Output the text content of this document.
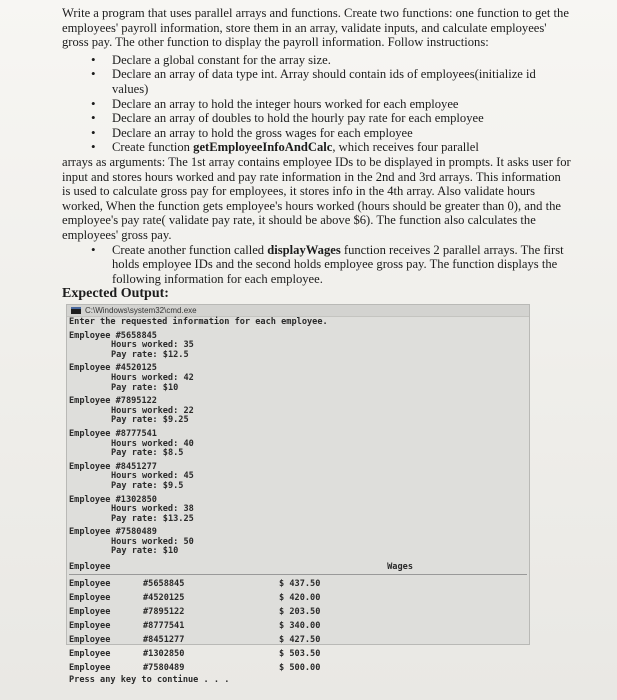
Write a program that uses parallel arrays and functions. Create two functions: one function to get the employees' payroll information, store them in an array, validate inputs, and calculate employees' gross pay. The other function to display the payroll information. Follow instructions:

• Declare a global constant for the array size.
• Declare an array of data type int. Array should contain ids of employees(initialize id values)
• Declare an array to hold the integer hours worked for each employee
• Declare an array of doubles to hold the hourly pay rate for each employee
• Declare an array to hold the gross wages for each employee
• Create function getEmployeeInfoAndCalc, which receives four parallel

arrays as arguments: The 1st array contains employee IDs to be displayed in prompts. It asks user for input and stores hours worked and pay rate information in the 2nd and 3rd arrays. This information is used to calculate gross pay for employees, it stores info in the 4th array. Also validate hours worked, When the function gets employee's hours worked (hours should be greater than 0), and the employee's pay rate( validate pay rate, it should be above $6). The function also calculates the employees' gross pay.

• Create another function called displayWages function receives 2 parallel arrays. The first holds employee IDs and the second holds employee gross pay. The function displays the following information for each employee.

Expected Output:

C:\Windows\system32\cmd.exe
Enter the requested information for each employee.
Employee #5658845
Hours worked: 35
Pay rate: $12.5
Employee #4520125
Hours worked: 42
Pay rate: $10
Employee #7895122
Hours worked: 22
Pay rate: $9.25
Employee #8777541
Hours worked: 40
Pay rate: $8.5
Employee #8451277
Hours worked: 45
Pay rate: $9.5
Employee #1302850
Hours worked: 38
Pay rate: $13.25
Employee #7580489
Hours worked: 50
Pay rate: $10
Employee	Wages
Employee	#5658845	$ 437.50
Employee	#4520125	$ 420.00
Employee	#7895122	$ 203.50
Employee	#8777541	$ 340.00
Employee	#8451277	$ 427.50
Employee	#1302850	$ 503.50
Employee	#7580489	$ 500.00
Press any key to continue . . .
